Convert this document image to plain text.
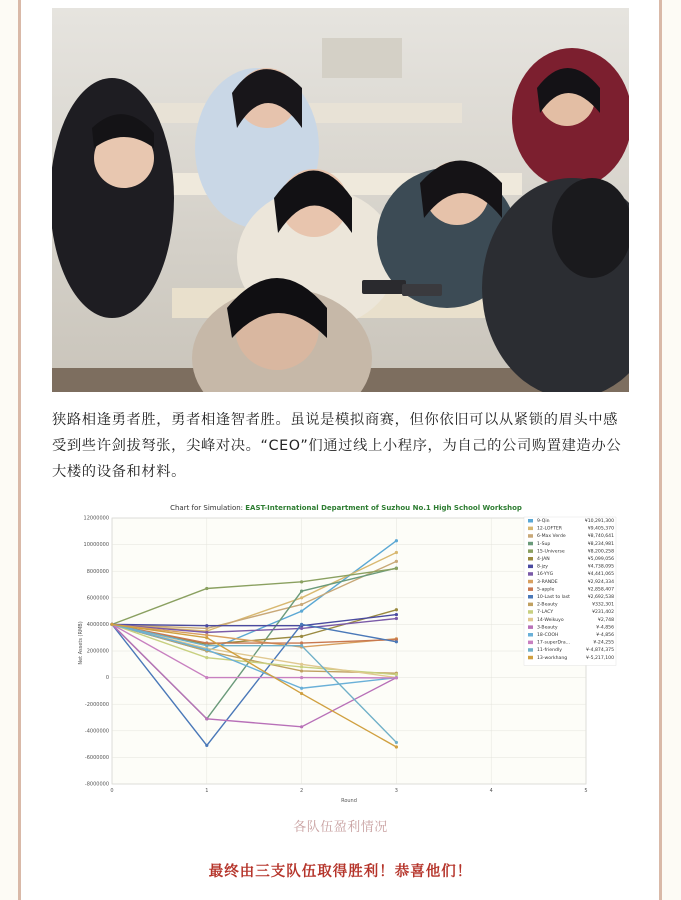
狭路相逢勇者胜，勇者相逢智者胜。虽说是模拟商赛，但你依旧可以从紧锁的眉头中感受到些许剑拔弩张，尖峰对决。“CEO”们通过线上小程序，为自己的公司购置建造办公大楼的设备和材料。

Chart for Simulation: EAST-International Department of Suzhou No.1 High School Workshop
-8000000
-6000000
-4000000
-2000000
0
2000000
4000000
6000000
8000000
10000000
12000000
0	1	2	3	4	5
9-Qin	¥10,291,300
12-LOFTER	¥9,405,370
6-Max Verde	¥8,740,641
1-Sup	¥8,234,981
15-Universe	¥8,200,258
4-JAN	¥5,099,056
8-jzy	¥4,738,095
16-YYG	¥4,441,065
3-RANDE	¥2,924,334
5-apple	¥2,858,407
10-Last to last	¥2,692,538
2-Beauty	¥332,301
7-LACY	¥231,402
14-Weikuyo	¥2,748
3-Beauty	¥-4,856
18-COOH	¥-4,856
17-superDra...	¥-24,255
11-friendly	¥-4,874,375
13-workhang	¥-5,217,100
Round
Net Assets (RMB)
各队伍盈利情况
最终由三支队伍取得胜利！恭喜他们！
